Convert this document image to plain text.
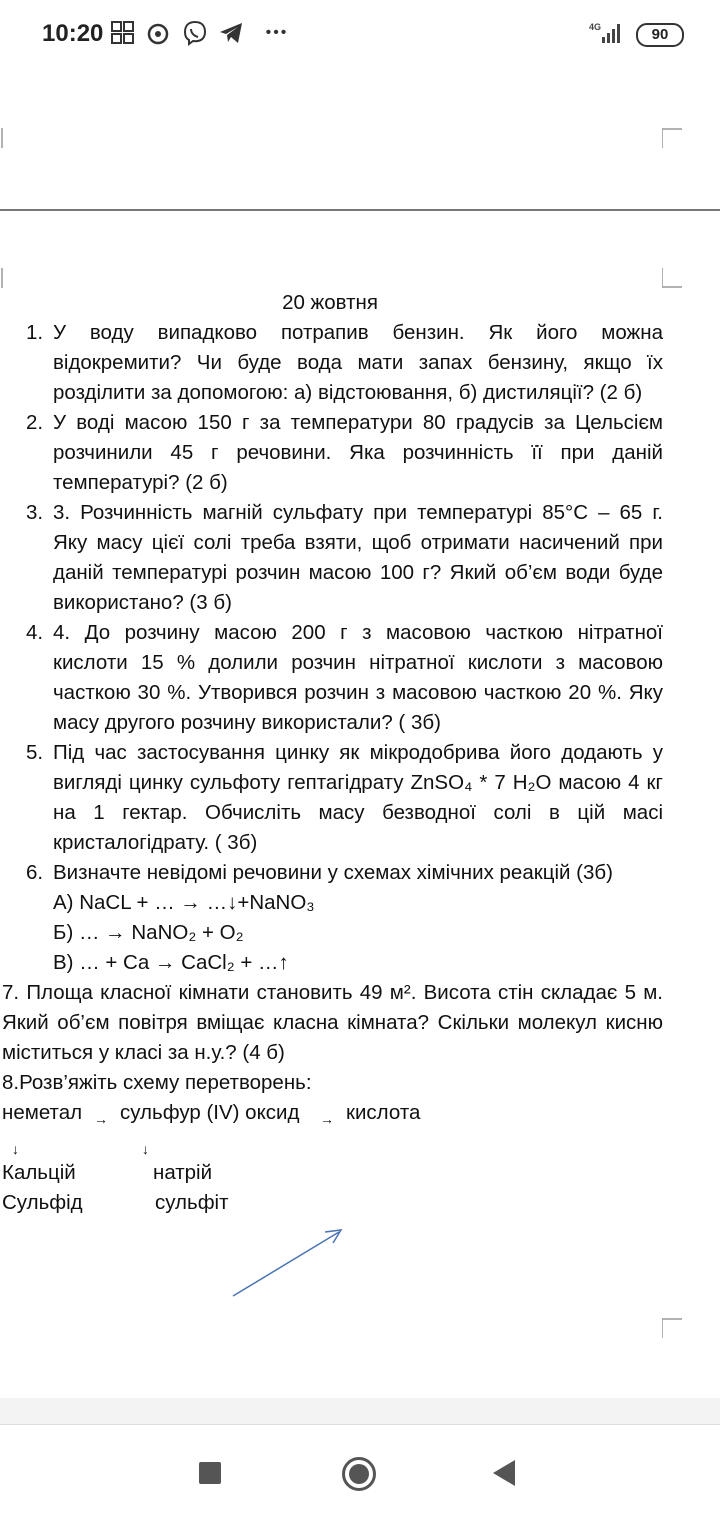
10:20	•••	4G	90
20 жовтня
1. У воду випадково потрапив бензин. Як його можна відокремити? Чи буде вода мати запах бензину, якщо їх розділити за допомогою: а) відстоювання, б) дистиляції? (2 б)
2. У воді масою 150 г за температури 80 градусів за Цельсієм розчинили 45 г речовини. Яка розчинність її при даній температурі? (2 б)
3. 3. Розчинність магній сульфату при температурі 85°С – 65 г. Яку масу цієї солі треба взяти, щоб отримати насичений при даній температурі розчин масою 100 г? Який об’єм води буде використано? (3 б)
4. 4. До розчину масою 200 г з масовою часткою нітратної кислоти 15 % долили розчин нітратної кислоти з масовою часткою 30 %. Утворився розчин з масовою часткою 20 %. Яку масу другого розчину використали? ( 3б)
5. Під час застосування цинку як мікродобрива його додають у вигляді цинку сульфоту гептагідрату ZnSO₄ * 7 H₂O масою 4 кг на 1 гектар. Обчисліть масу безводної солі в цій масі кристалогідрату. ( 3б)
6. Визначте невідомі речовини у схемах хімічних реакцій (3б)
А) NaCL + … → …↓+NaNO₃
Б) … → NaNO₂ + O₂
В) … + Ca → CaCl₂ + …↑
7. Площа класної кімнати становить 49 м². Висота стін складає 5 м. Який об’єм повітря вміщає класна кімната? Скільки молекул кисню міститься у класі за н.у.? (4 б)
8.Розв’яжіть схему перетворень:
неметал → сульфур (IV) оксид → кислота
↓	↓
Кальцій	натрій
Сульфід	сульфіт
